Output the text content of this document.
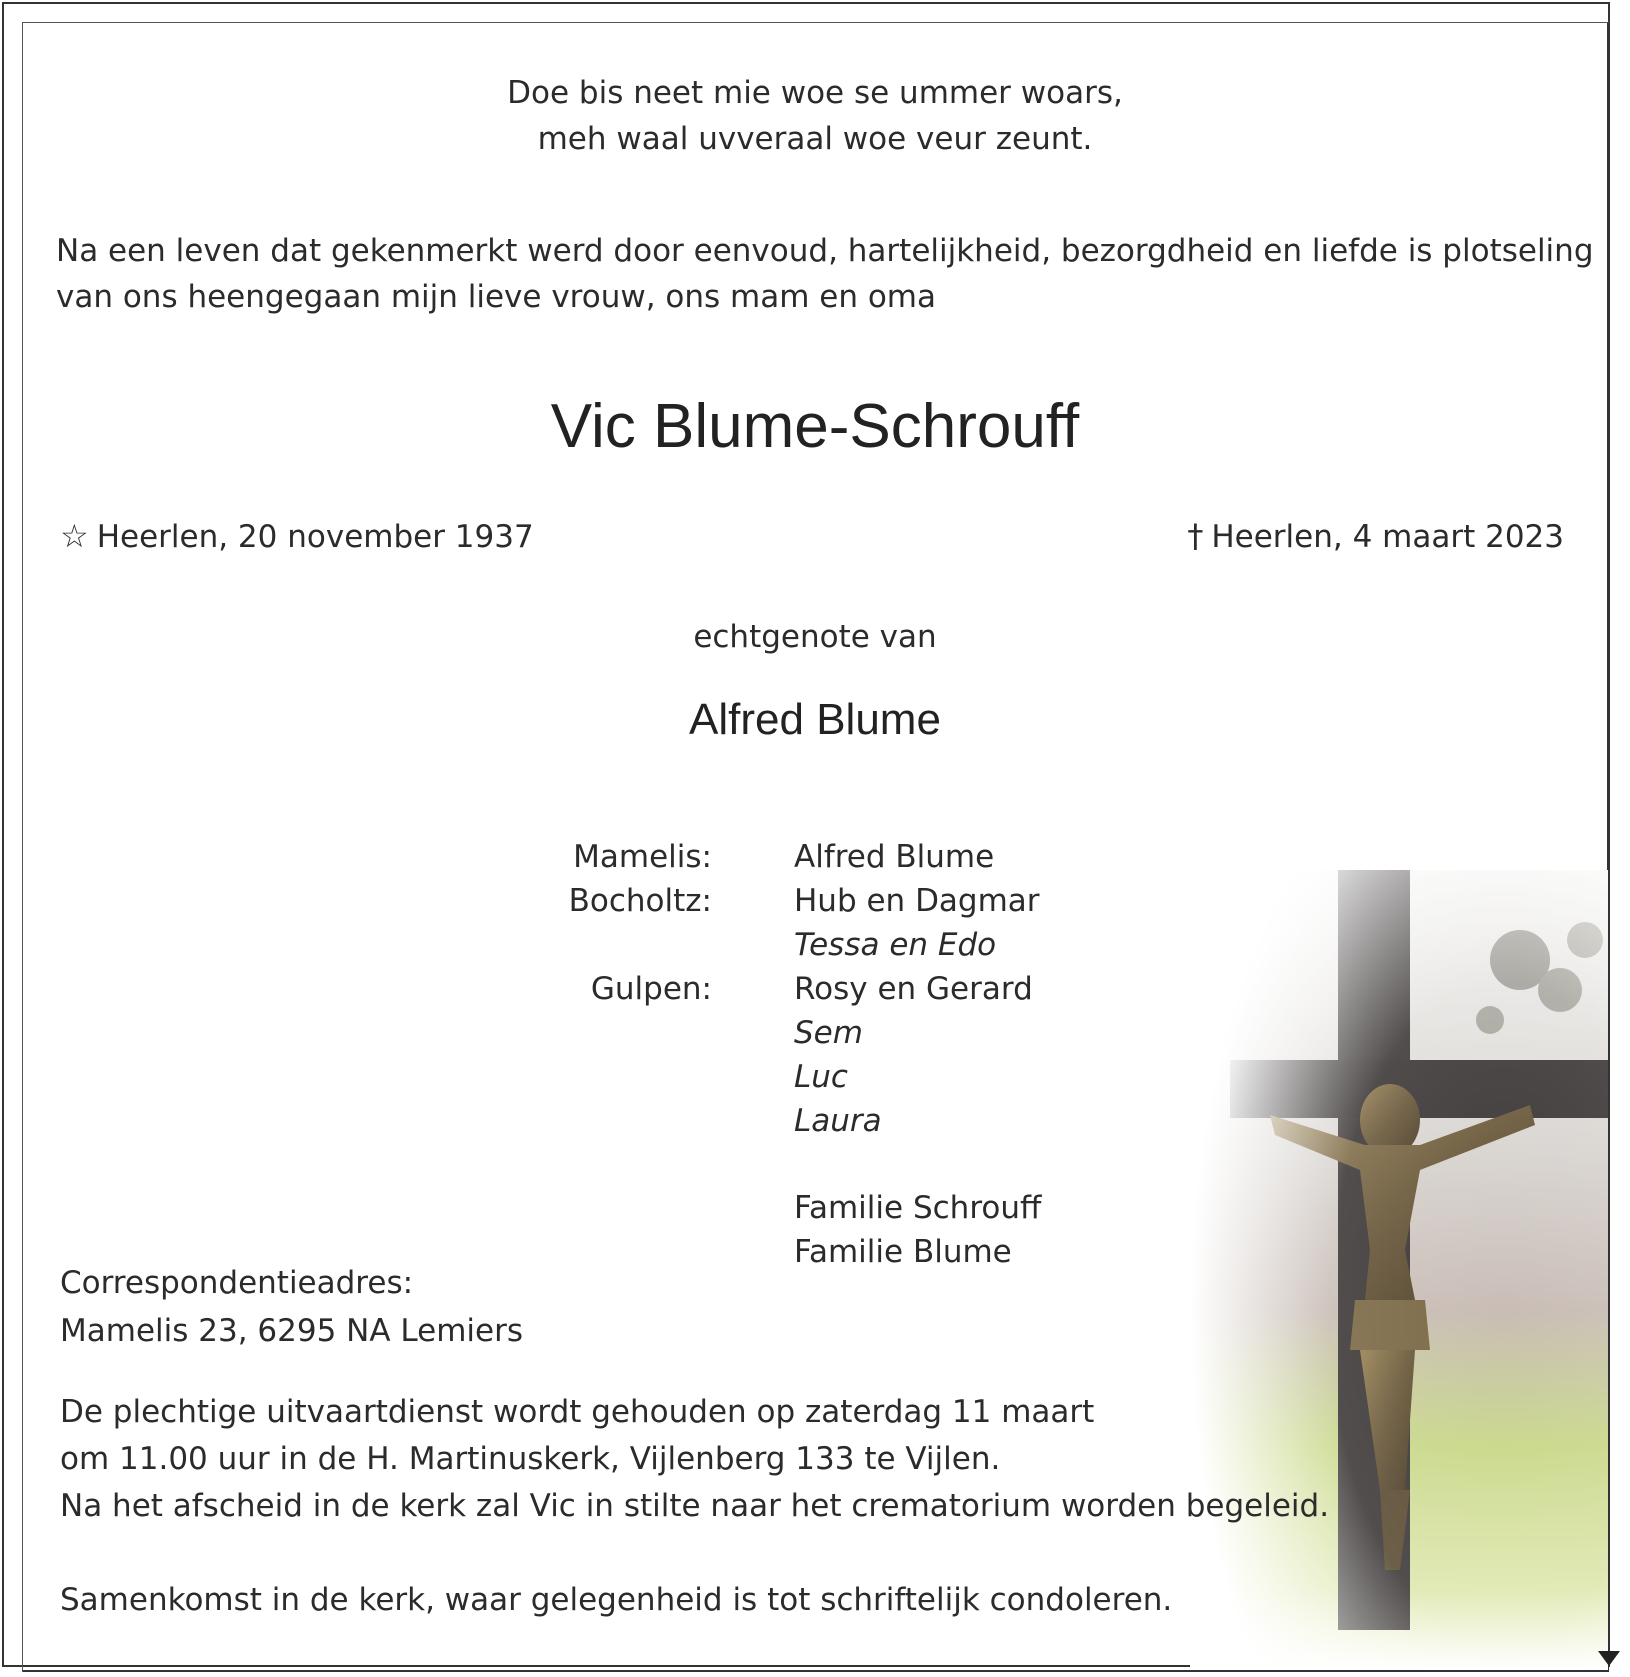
Doe bis neet mie woe se ummer woars,
meh waal uvveraal woe veur zeunt.
Na een leven dat gekenmerkt werd door eenvoud, hartelijkheid, bezorgdheid en liefde is plotseling
van ons heengegaan mijn lieve vrouw, ons mam en oma
Vic Blume-Schrouff
☆ Heerlen, 20 november 1937	† Heerlen, 4 maart 2023
echtgenote van
Alfred Blume
Mamelis:	Alfred Blume
Bocholtz:	Hub en Dagmar
Tessa en Edo
Gulpen:	Rosy en Gerard
Sem
Luc
Laura
Familie Schrouff
Familie Blume
Correspondentieadres:
Mamelis 23, 6295 NA Lemiers
De plechtige uitvaartdienst wordt gehouden op zaterdag 11 maart
om 11.00 uur in de H. Martinuskerk, Vijlenberg 133 te Vijlen.
Na het afscheid in de kerk zal Vic in stilte naar het crematorium worden begeleid.
Samenkomst in de kerk, waar gelegenheid is tot schriftelijk condoleren.
